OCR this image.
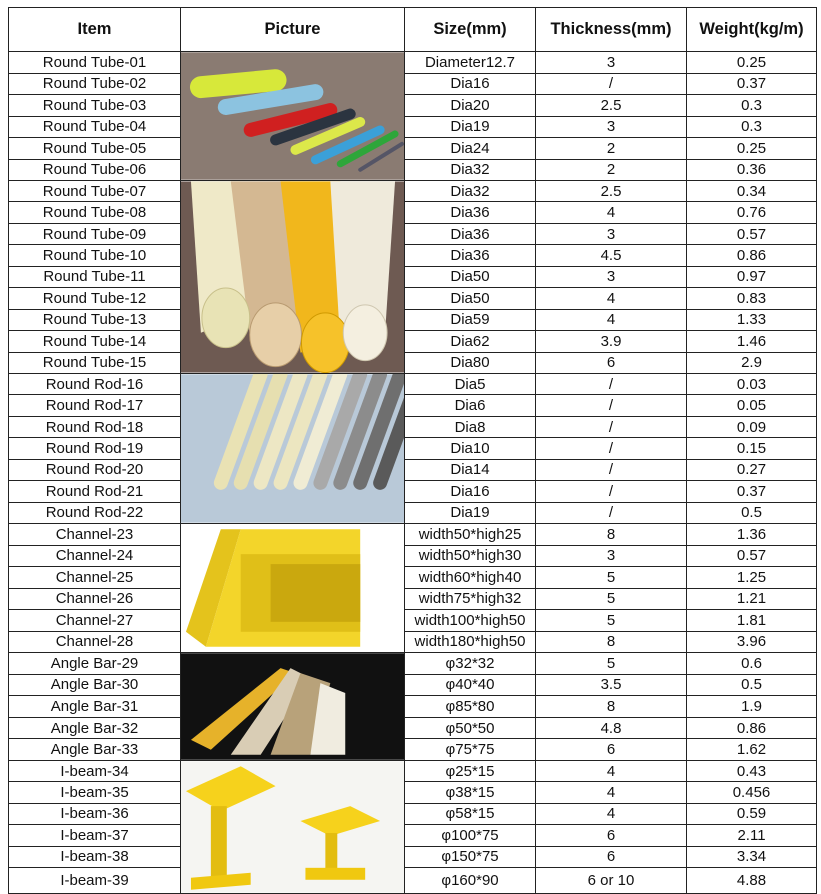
Item	Picture	Size(mm)	Thickness(mm)	Weight(kg/m)
Round Tube-01		Diameter12.7	3	0.25
Round Tube-02		Dia16	/	0.37
Round Tube-03		Dia20	2.5	0.3
Round Tube-04		Dia19	3	0.3
Round Tube-05		Dia24	2	0.25
Round Tube-06		Dia32	2	0.36
Round Tube-07		Dia32	2.5	0.34
Round Tube-08		Dia36	4	0.76
Round Tube-09		Dia36	3	0.57
Round Tube-10		Dia36	4.5	0.86
Round Tube-11		Dia50	3	0.97
Round Tube-12		Dia50	4	0.83
Round Tube-13		Dia59	4	1.33
Round Tube-14		Dia62	3.9	1.46
Round Tube-15		Dia80	6	2.9
Round Rod-16		Dia5	/	0.03
Round Rod-17		Dia6	/	0.05
Round Rod-18		Dia8	/	0.09
Round Rod-19		Dia10	/	0.15
Round Rod-20		Dia14	/	0.27
Round Rod-21		Dia16	/	0.37
Round Rod-22		Dia19	/	0.5
Channel-23		width50*high25	8	1.36
Channel-24		width50*high30	3	0.57
Channel-25		width60*high40	5	1.25
Channel-26		width75*high32	5	1.21
Channel-27		width100*high50	5	1.81
Channel-28		width180*high50	8	3.96
Angle Bar-29		φ32*32	5	0.6
Angle Bar-30		φ40*40	3.5	0.5
Angle Bar-31		φ85*80	8	1.9
Angle Bar-32		φ50*50	4.8	0.86
Angle Bar-33		φ75*75	6	1.62
I-beam-34		φ25*15	4	0.43
I-beam-35		φ38*15	4	0.456
I-beam-36		φ58*15	4	0.59
I-beam-37		φ100*75	6	2.11
I-beam-38		φ150*75	6	3.34
I-beam-39		φ160*90	6 or 10	4.88
